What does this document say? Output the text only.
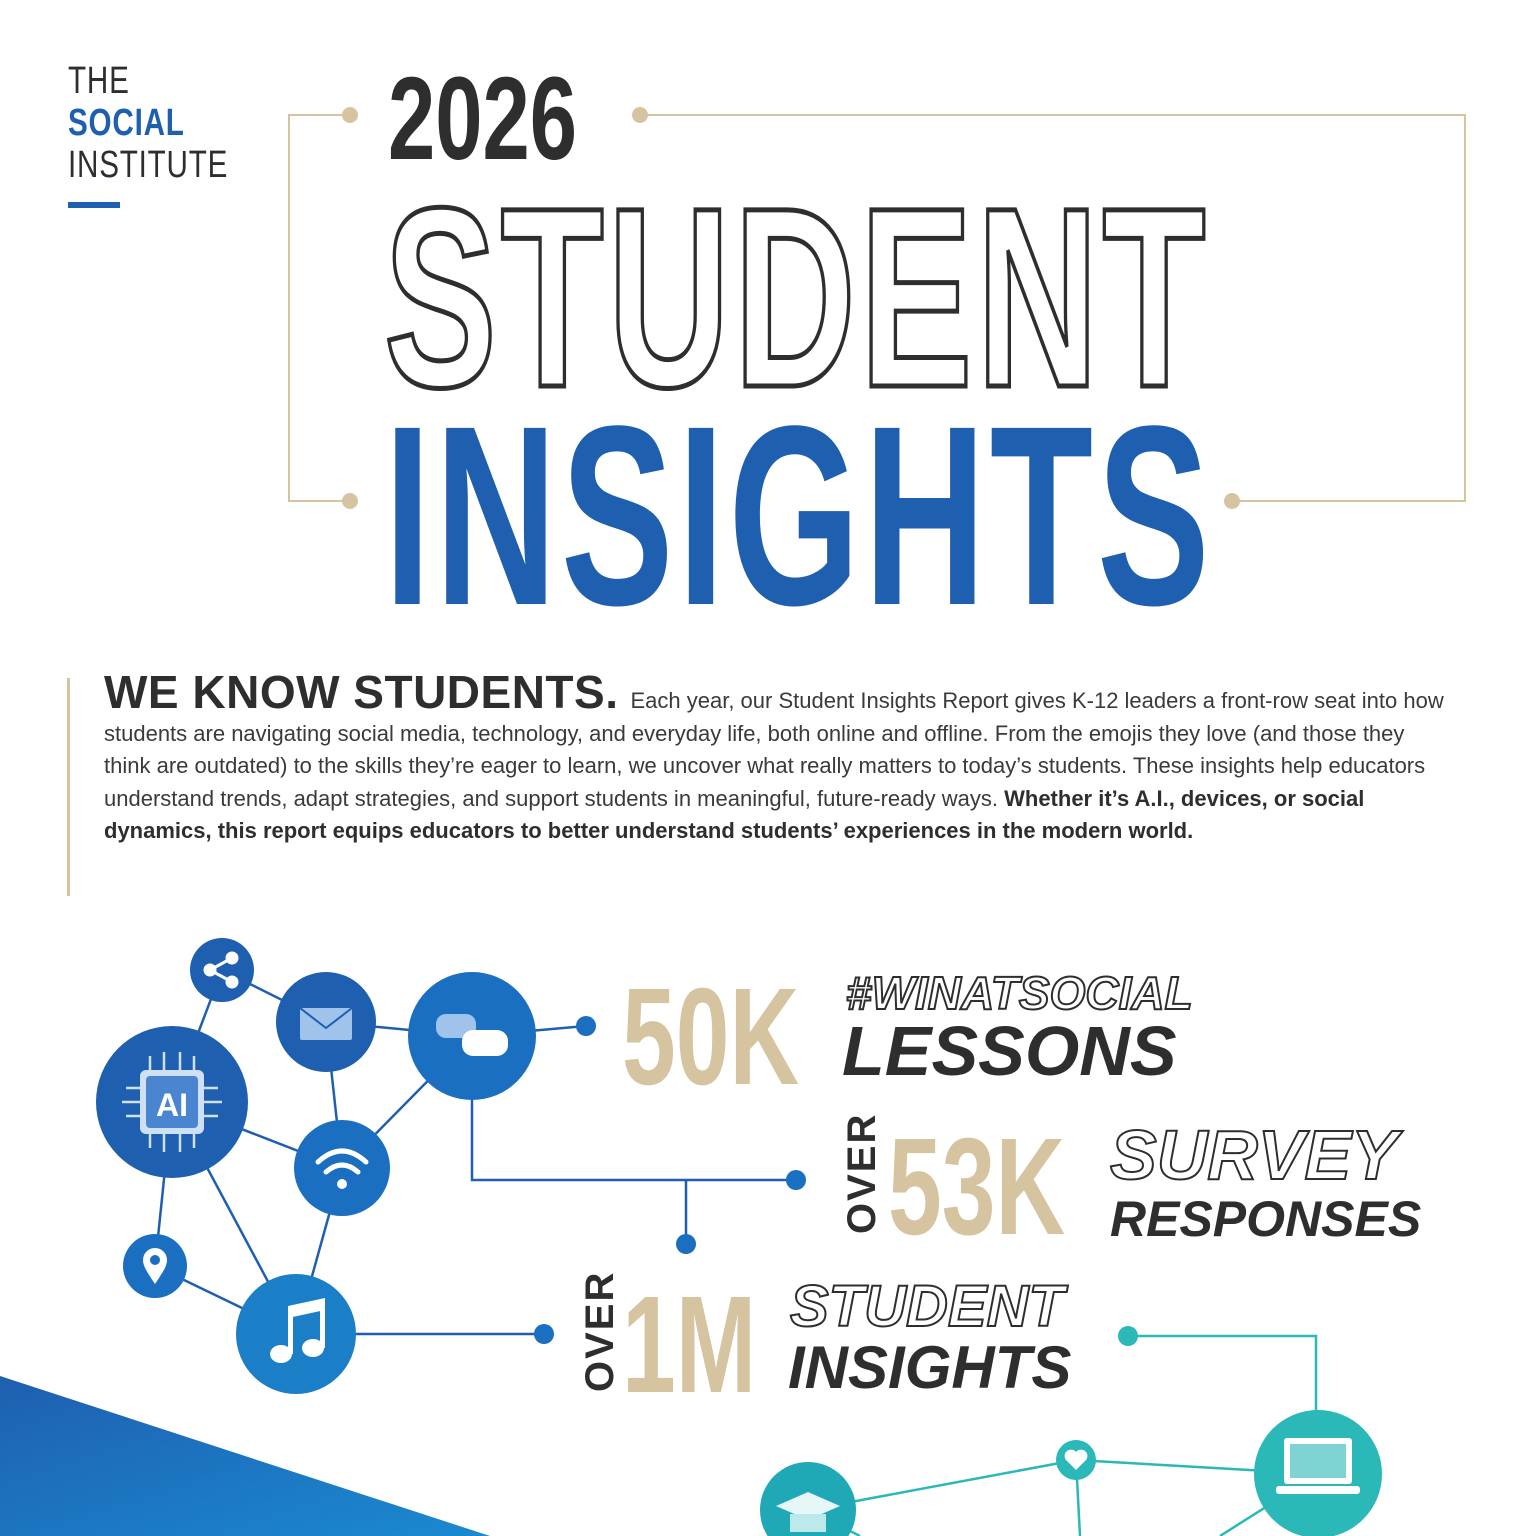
THE
SOCIAL
INSTITUTE 2026
STUDENT
INSIGHTS
WE KNOW STUDENTS. Each year, our Student Insights Report gives K-12 leaders a front-row seat into how students are navigating social media, technology, and everyday life, both online and offline. From the emojis they love (and those they think are outdated) to the skills they’re eager to learn, we uncover what really matters to today’s students. These insights help educators understand trends, adapt strategies, and support students in meaningful, future-ready ways. Whether it’s A.I., devices, or social dynamics, this report equips educators to better understand students’ experiences in the modern world.
AI	50K #WINATSOCIAL
LESSONS
OVER 53K SURVEY
RESPONSES
OVER 1M STUDENT
INSIGHTS
